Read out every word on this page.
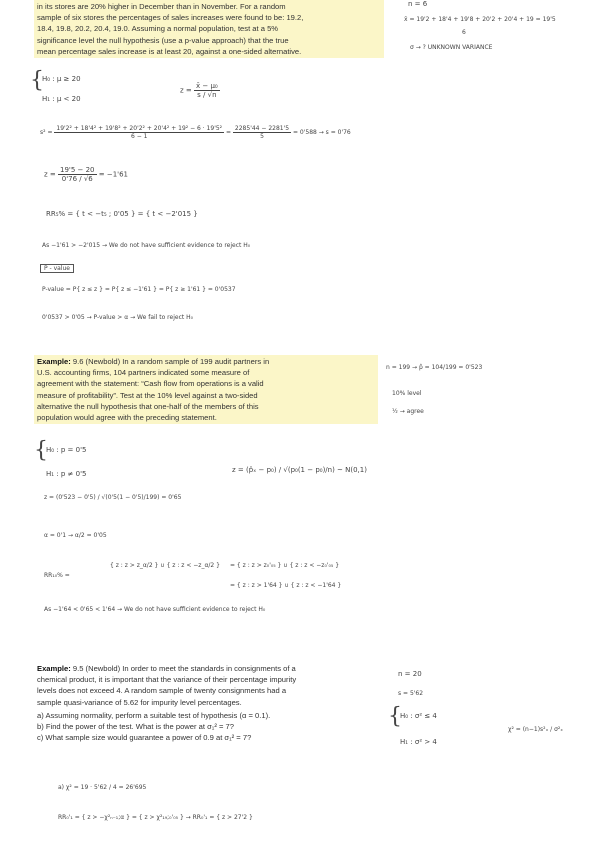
in its stores are 20% higher in December than in November. For a random
sample of six stores the percentages of sales increases were found to be: 19.2,
18.4, 19.8, 20.2, 20.4, 19.0. Assuming a normal population, test at a 5%
significance level the null hypothesis (use a p-value approach) that the true
mean percentage sales increase is at least 20, against a one-sided alternative.
n = 6
x̄ = 19'2 + 18'4 + 19'8 + 20'2 + 20'4 + 19 = 19'5
6
σ → ? UNKNOWN VARIANCE
{
H₀ : μ ≥ 20
H₁ : μ < 20
$z = \frac{\text{x̄ − μ₀}}{s / √n}$
$s^2 = \frac{\text{19'2² + 18'4² + 19'8² + 20'2² + 20'4² + 19² − 6 · 19'5²}}{6 - 1} = \frac{2285'44 - 2281'5}{5} = 0'588 \to s = 0'76$
$z = \frac{19'5 - 20}{0'76 / √6} = -1'61$
RR₅% = { t < −t₅ ; 0'05 } = { t < −2'015 }
As −1'61 > −2'015 → We do not have sufficient evidence to reject H₀
P - value
P-value = P{ z ≤ z } = P{ z ≤ −1'61 } = P{ z ≥ 1'61 } = 0'0537
0'0537 > 0'05 → P-value > α → We fail to reject H₀
Example: 9.6 (Newbold) In a random sample of 199 audit partners in
U.S. accounting firms, 104 partners indicated some measure of
agreement with the statement: “Cash flow from operations is a valid
measure of profitability”. Test at the 10% level against a two-sided
alternative the null hypothesis that one-half of the members of this
population would agree with the preceding statement.
n = 199 → p̂ = 104/199 = 0'523
10% level
½ → agree
{
H₀ : p = 0'5
H₁ : p ≠ 0'5	z = (p̂ₓ − p₀) / √(p₀(1 − p₀)/n) ~ N(0,1)
z = (0'523 − 0'5) / √(0'5(1 − 0'5)/199) = 0'65
α = 0'1 → α/2 = 0'05
RR₁₀% =
{ z : z > z_α/2 } ∪ { z : z < −z_α/2 } = { z : z > z₀'₀₅ } ∪ { z : z < −z₀'₀₅ }
= { z : z > 1'64 } ∪ { z : z < −1'64 }
As −1'64 < 0'65 < 1'64 → We do not have sufficient evidence to reject H₀
Example: 9.5 (Newbold) In order to meet the standards in consignments of a
chemical product, it is important that the variance of their percentage impurity
levels does not exceed 4. A random sample of twenty consignments had a
sample quasi-variance of 5.62 for impurity level percentages.
a) Assuming normality, perform a suitable test of hypothesis (α = 0.1).
b) Find the power of the test. What is the power at σ₁² = 7?
c) What sample size would guarantee a power of 0.9 at σ₁² = 7?
n = 20
s = 5'62
{
H₀ : σ² ≤ 4
H₁ : σ² > 4
χ² = (n−1)s²ₓ / σ²ₓ
a) χ² = 19 · 5'62 / 4 = 26'695
RR₀'₁ = { z > −χ²ₙ₋₁;α } = { z > χ²₁₉;₀'₀₅ } → RR₀'₁ = { z > 27'2 }
